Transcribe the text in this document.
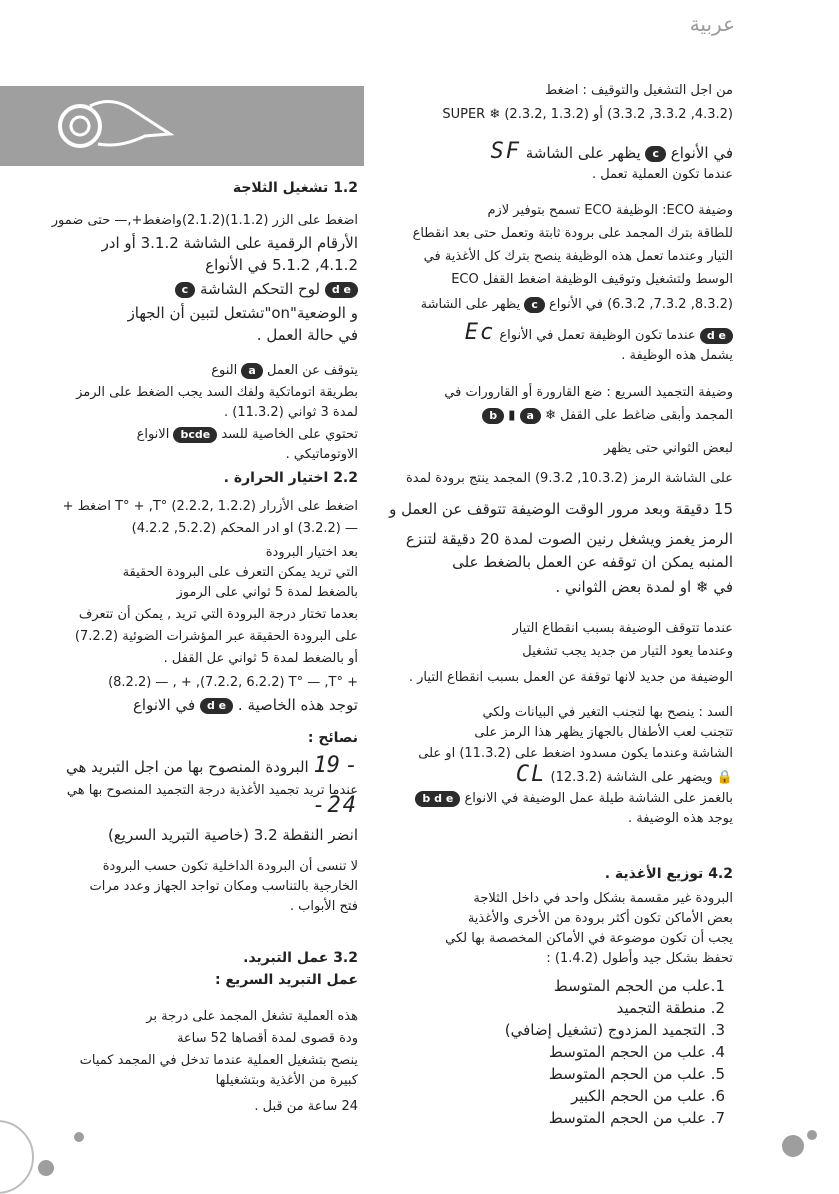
عربية
الاستعمال
من اجل التشغيل والتوقيف : اضغط
(4.3.2, 3.3.2, 3.3.2) أو SUPER ❄ (2.3.2, 1.3.2)
في الأنواع c يظهر على الشاشة SF
عندما تكون العملية تعمل .
وضيفة ECO: الوظيفة ECO تسمح بتوفير لازم
للطاقة بترك المجمد على برودة ثابتة وتعمل حتى بعد انقطاع
التيار وعندما تعمل هذه الوظيفة ينصح بترك كل الأغذية في
الوسط ولتشغيل وتوقيف الوظيفة اضغط القفل ECO
(8.3.2, 7.3.2, 6.3.2) في الأنواع c يظهر على الشاشة
Ec عندما تكون الوظيفة تعمل في الأنواع d e
يشمل هذه الوظيفة .
وضيفة التجميد السريع : ضع القارورة أو القارورات في
المجمد وأبقى ضاغط على القفل ❄ a ▮ b
لبعض الثواني حتى يظهر
على الشاشة الرمز (10.3.2, 9.3.2) المجمد ينتج برودة لمدة
15 دقيقة وبعد مرور الوقت الوضيفة تتوقف عن العمل و
الرمز يغمز ويشغل رنين الصوت لمدة 20 دقيقة لتنزع
المنبه يمكن ان توقفه عن العمل بالضغط على
في ❄ او لمدة بعض الثواني .
عندما تتوقف الوضيفة بسبب انقطاع التيار
وعندما يعود التيار من جديد يجب تشغيل
الوضيفة من جديد لانها توقفة عن العمل بسبب انقطاع التيار .
السد : ينصح بها لتجنب التغير في البيانات ولكي
تتجنب لعب الأطفال بالجهاز يظهر هذا الرمز على
الشاشة وعندما يكون مسدود اضغط على (11.3.2) او على
CL (12.3.2) ويضهر على الشاشة 🔒
بالغمز على الشاشة طيلة عمل الوضيفة في الانواع b d e
يوجد هذه الوضيفة .
4.2 توزيع الأغذية .
البرودة غير مقسمة بشكل واحد في داخل الثلاجة
بعض الأماكن تكون أكثر برودة من الأخرى والأغذية
يجب أن تكون موضوعة في الأماكن المخصصة بها لكي
تحفظ بشكل جيد وأطول (1.4.2) :
1.علب من الحجم المتوسط
2. منطقة التجميد
3. التجميد المزدوج (تشغيل إضافي)
4. علب من الحجم المتوسط
5. علب من الحجم المتوسط
6. علب من الحجم الكبير
7. علب من الحجم المتوسط
1.2 تشغيل الثلاجة
اضغط على الزر (1.1.2)(2.1.2)واضغط+,— حتى ضمور
الأرقام الرقمية على الشاشة 3.1.2 أو ادر
4.1.2, 5.1.2 في الأنواع
d e لوح التحكم الشاشة c
و الوضعية"on"تشتعل لتبين أن الجهاز
في حالة العمل .
يتوقف عن العمل a النوع
بطريقة اتوماتكية ولفك السد يجب الضغط على الرمز
لمدة 3 ثواني (11.3.2) .
تحتوي على الخاصية للسد bcde الانواع
الاوتوماتيكي .
2.2 اختيار الحرارة .
اضغط على الأزرار T° + ,T° (2.2.2, 1.2.2) اضغط +
— (3.2.2) او ادر المحكم (5.2.2, 4.2.2)
بعد اختيار البرودة
التي تريد يمكن التعرف على البرودة الحقيقة
بالضغط لمدة 5 ثواني على الرموز
بعدما تختار درجة البرودة التي تريد , يمكن أن تتعرف
على البرودة الحقيقة عبر المؤشرات الضوئية (7.2.2)
أو بالضغط لمدة 5 ثواني عل القفل .
(8.2.2) — , + ,(7.2.2, 6.2.2) T° — ,T° +
توجد هذه الخاصية . d e في الانواع
نصائح :
- 19 البرودة المنصوح بها من اجل التبريد هي
عندما تريد تجميد الأغذية درجة التجميد المنصوح بها هي
-24
انضر النقطة 3.2 (خاصية التبريد السريع)
لا تنسى أن البرودة الداخلية تكون حسب البرودة
الخارجية بالتناسب ومكان تواجد الجهاز وعدد مرات
فتح الأبواب .
3.2 عمل التبريد.
عمل التبريد السريع :
هذه العملية تشغل المجمد على درجة بر
ودة قصوى لمدة أقصاها 52 ساعة
ينصح بتشغيل العملية عندما تدخل في المجمد كميات
كبيرة من الأغذية وبتشغيلها
24 ساعة من قبل .
